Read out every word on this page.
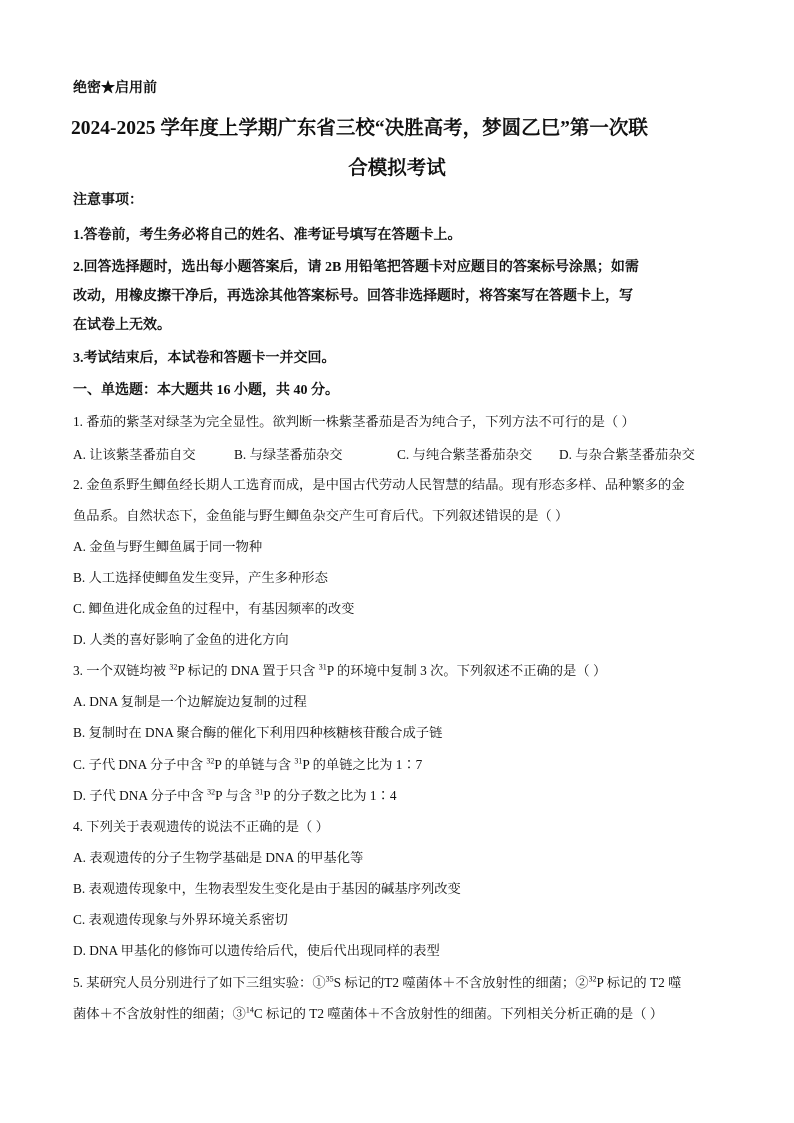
绝密★启用前
2024-2025 学年度上学期广东省三校“决胜高考，梦圆乙巳”第一次联
合模拟考试
注意事项：
1.答卷前，考生务必将自己的姓名、准考证号填写在答题卡上。
2.回答选择题时，选出每小题答案后，请 2B 用铅笔把答题卡对应题目的答案标号涂黑；如需
改动，用橡皮擦干净后，再选涂其他答案标号。回答非选择题时，将答案写在答题卡上，写
在试卷上无效。
3.考试结束后，本试卷和答题卡一并交回。
一、单选题：本大题共 16 小题，共 40 分。
1. 番茄的紫茎对绿茎为完全显性。欲判断一株紫茎番茄是否为纯合子，下列方法不可行的是（ ）
A. 让该紫茎番茄自交	B. 与绿茎番茄杂交	C. 与纯合紫茎番茄杂交 D. 与杂合紫茎番茄杂交
2. 金鱼系野生鲫鱼经长期人工选育而成，是中国古代劳动人民智慧的结晶。现有形态多样、品种繁多的金
鱼品系。自然状态下，金鱼能与野生鲫鱼杂交产生可育后代。下列叙述错误的是（ ）
A. 金鱼与野生鲫鱼属于同一物种
B. 人工选择使鲫鱼发生变异，产生多种形态
C. 鲫鱼进化成金鱼的过程中，有基因频率的改变
D. 人类的喜好影响了金鱼的进化方向
3. 一个双链均被 $^{32}$P 标记的 DNA 置于只含 $^{31}$P 的环境中复制 3 次。下列叙述不正确的是（ ）
A. DNA 复制是一个边解旋边复制的过程
B. 复制时在 DNA 聚合酶的催化下利用四种核糖核苷酸合成子链
C. 子代 DNA 分子中含 $^{32}$P 的单链与含 $^{31}$P 的单链之比为 1∶7
D. 子代 DNA 分子中含 $^{32}$P 与含 $^{31}$P 的分子数之比为 1∶4
4. 下列关于表观遗传的说法不正确的是（ ）
A. 表观遗传的分子生物学基础是 DNA 的甲基化等
B. 表观遗传现象中，生物表型发生变化是由于基因的碱基序列改变
C. 表观遗传现象与外界环境关系密切
D. DNA 甲基化的修饰可以遗传给后代，使后代出现同样的表型
5. 某研究人员分别进行了如下三组实验：①$^{35}$S 标记的T2 噬菌体＋不含放射性的细菌；②$^{32}$P 标记的 T2 噬
菌体＋不含放射性的细菌；③$^{14}$C 标记的 T2 噬菌体＋不含放射性的细菌。下列相关分析正确的是（ ）
